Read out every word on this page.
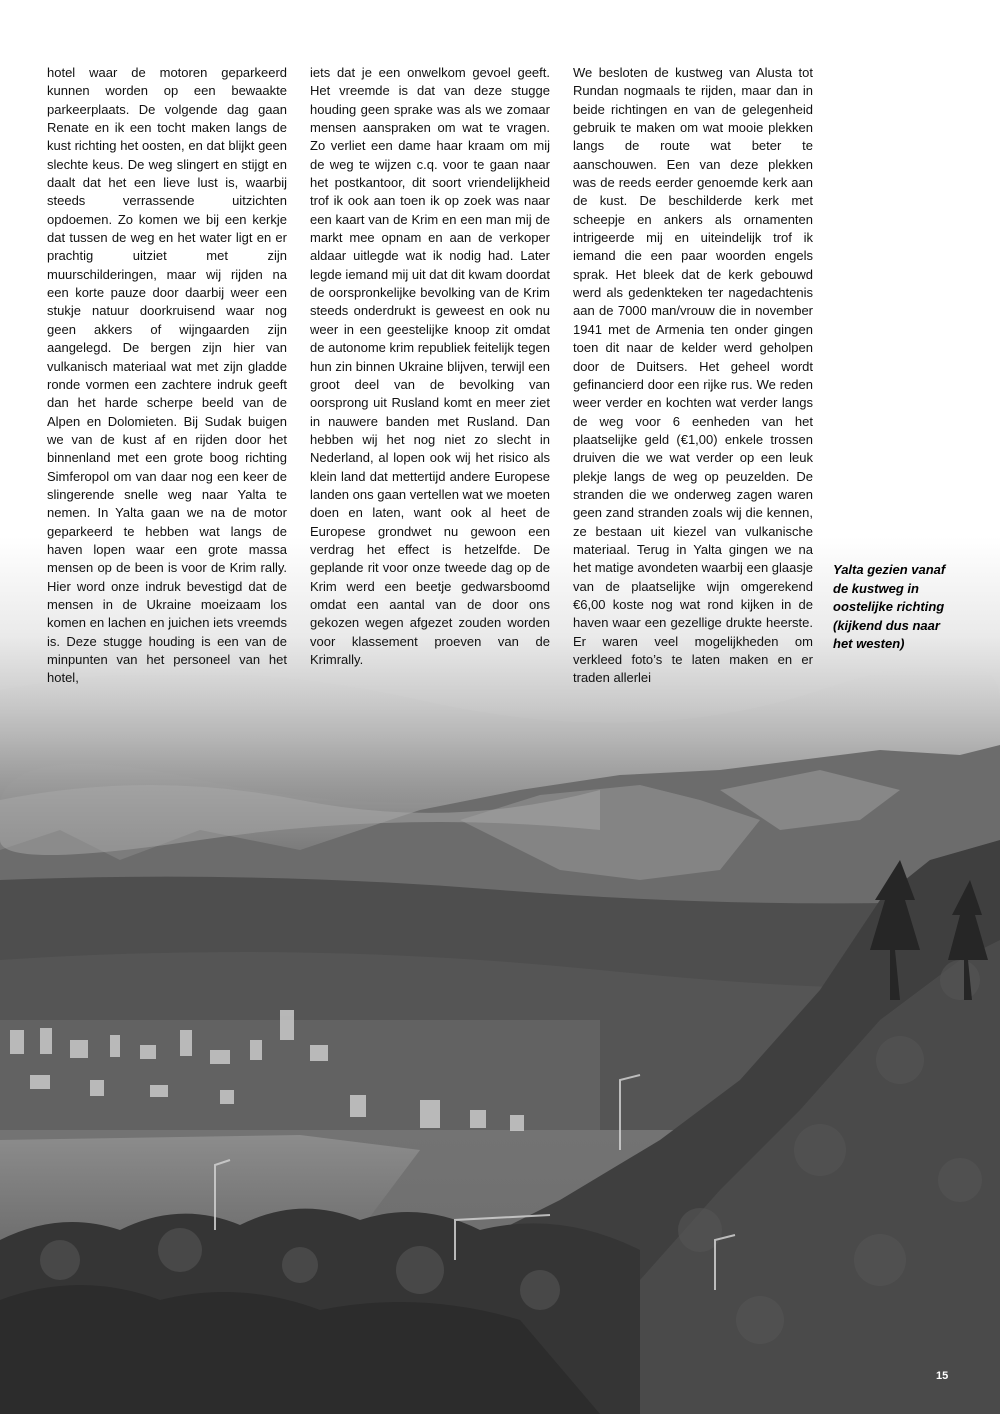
hotel waar de motoren geparkeerd kunnen worden op een bewaakte parkeerplaats. De volgende dag gaan Renate en ik een tocht maken langs de kust richting het oosten, en dat blijkt geen slechte keus. De weg slingert en stijgt en daalt dat het een lieve lust is, waarbij steeds verrassende uitzichten opdoemen. Zo komen we bij een kerkje dat tussen de weg en het water ligt en er prachtig uitziet met zijn muurschilderingen, maar wij rijden na een korte pauze door daarbij weer een stukje natuur doorkruisend waar nog geen akkers of wijngaarden zijn aangelegd. De bergen zijn hier van vulkanisch materiaal wat met zijn gladde ronde vormen een zachtere indruk geeft dan het harde scherpe beeld van de Alpen en Dolomieten. Bij Sudak buigen we van de kust af en rijden door het binnenland met een grote boog richting Simferopol om van daar nog een keer de slingerende snelle weg naar Yalta te nemen. In Yalta gaan we na de motor geparkeerd te hebben wat langs de haven lopen waar een grote massa mensen op de been is voor de Krim rally. Hier word onze indruk bevestigd dat de mensen in de Ukraine moeizaam los komen en lachen en juichen iets vreemds is. Deze stugge houding is een van de minpunten van het personeel van het hotel,

iets dat je een onwelkom gevoel geeft. Het vreemde is dat van deze stugge houding geen sprake was als we zomaar mensen aanspraken om wat te vragen. Zo verliet een dame haar kraam om mij de weg te wijzen c.q. voor te gaan naar het postkantoor, dit soort vriendelijkheid trof ik ook aan toen ik op zoek was naar een kaart van de Krim en een man mij de markt mee opnam en aan de verkoper aldaar uitlegde wat ik nodig had. Later legde iemand mij uit dat dit kwam doordat de oorspronkelijke bevolking van de Krim steeds onderdrukt is geweest en ook nu weer in een geestelijke knoop zit omdat de autonome krim republiek feitelijk tegen hun zin binnen Ukraine blijven, terwijl een groot deel van de bevolking van oorsprong uit Rusland komt en meer ziet in nauwere banden met Rusland. Dan hebben wij het nog niet zo slecht in Nederland, al lopen ook wij het risico als klein land dat mettertijd andere Europese landen ons gaan vertellen wat we moeten doen en laten, want ook al heet de Europese grondwet nu gewoon een verdrag het effect is hetzelfde. De geplande rit voor onze tweede dag op de Krim werd een beetje gedwarsboomd omdat een aantal van de door ons gekozen wegen afgezet zouden worden voor klassement proeven van de Krimrally.

We besloten de kustweg van Alusta tot Rundan nogmaals te rijden, maar dan in beide richtingen en van de gelegenheid gebruik te maken om wat mooie plekken langs de route wat beter te aanschouwen. Een van deze plekken was de reeds eerder genoemde kerk aan de kust. De beschilderde kerk met scheepje en ankers als ornamenten intrigeerde mij en uiteindelijk trof ik iemand die een paar woorden engels sprak. Het bleek dat de kerk gebouwd werd als gedenkteken ter nagedachtenis aan de 7000 man/vrouw die in november 1941 met de Armenia ten onder gingen toen dit naar de kelder werd geholpen door de Duitsers. Het geheel wordt gefinancierd door een rijke rus. We reden weer verder en kochten wat verder langs de weg voor 6 eenheden van het plaatselijke geld (€1,00) enkele trossen druiven die we wat verder op een leuk plekje langs de weg op peuzelden. De stranden die we onderweg zagen waren geen zand stranden zoals wij die kennen, ze bestaan uit kiezel van vulkanische materiaal. Terug in Yalta gingen we na het matige avondeten waarbij een glaasje van de plaatselijke wijn omgerekend €6,00 koste nog wat rond kijken in de haven waar een gezellige drukte heerste. Er waren veel mogelijkheden om verkleed foto’s te laten maken en er traden allerlei

Yalta gezien vanaf de kustweg in oostelijke richting (kijkend dus naar het westen)

15
